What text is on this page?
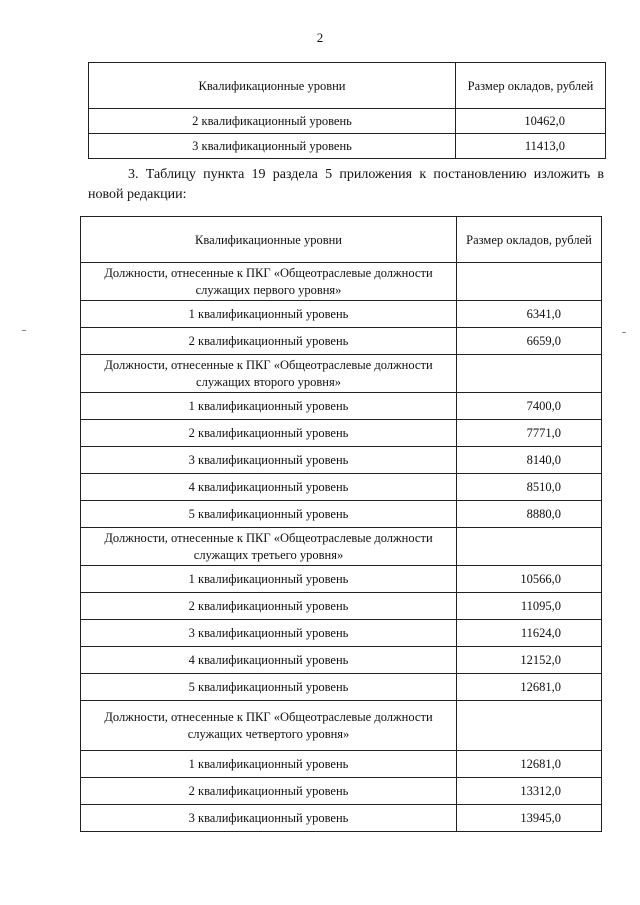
2
Квалификационные уровни	Размер окладов, рублей
2 квалификационный уровень	10462,0
3 квалификационный уровень	11413,0
3. Таблицу пункта 19 раздела 5 приложения к постановлению изложить в новой редакции:
Квалификационные уровни	Размер окладов, рублей
Должности, отнесенные к ПКГ «Общеотраслевые должности служащих первого уровня»	
1 квалификационный уровень	6341,0
2 квалификационный уровень	6659,0
Должности, отнесенные к ПКГ «Общеотраслевые должности служащих второго уровня»	
1 квалификационный уровень	7400,0
2 квалификационный уровень	7771,0
3 квалификационный уровень	8140,0
4 квалификационный уровень	8510,0
5 квалификационный уровень	8880,0
Должности, отнесенные к ПКГ «Общеотраслевые должности служащих третьего уровня»	
1 квалификационный уровень	10566,0
2 квалификационный уровень	11095,0
3 квалификационный уровень	11624,0
4 квалификационный уровень	12152,0
5 квалификационный уровень	12681,0
Должности, отнесенные к ПКГ «Общеотраслевые должности служащих четвертого уровня»	
1 квалификационный уровень	12681,0
2 квалификационный уровень	13312,0
3 квалификационный уровень	13945,0
